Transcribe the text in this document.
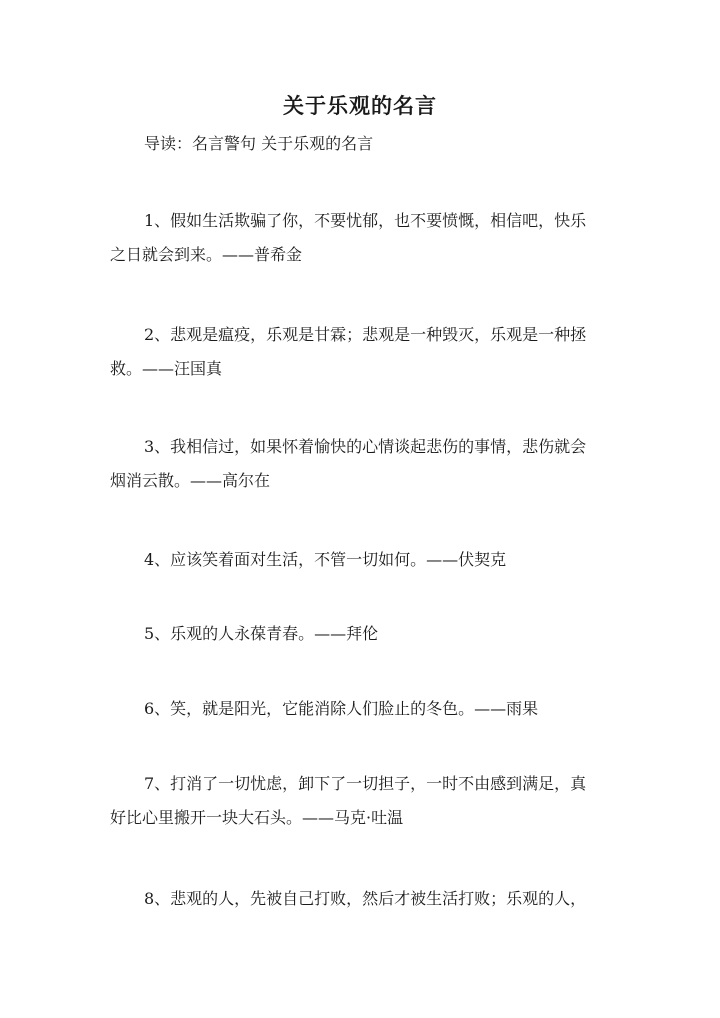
关于乐观的名言
导读：名言警句 关于乐观的名言
1、假如生活欺骗了你，不要忧郁，也不要愤慨，相信吧，快乐
之日就会到来。——普希金
2、悲观是瘟疫，乐观是甘霖；悲观是一种毁灭，乐观是一种拯
救。——汪国真
3、我相信过，如果怀着愉快的心情谈起悲伤的事情，悲伤就会
烟消云散。——高尔在
4、应该笑着面对生活，不管一切如何。——伏契克
5、乐观的人永葆青春。——拜伦
6、笑，就是阳光，它能消除人们脸止的冬色。——雨果
7、打消了一切忧虑，卸下了一切担子，一时不由感到满足，真
好比心里搬开一块大石头。——马克·吐温
8、悲观的人，先被自己打败，然后才被生活打败；乐观的人，
